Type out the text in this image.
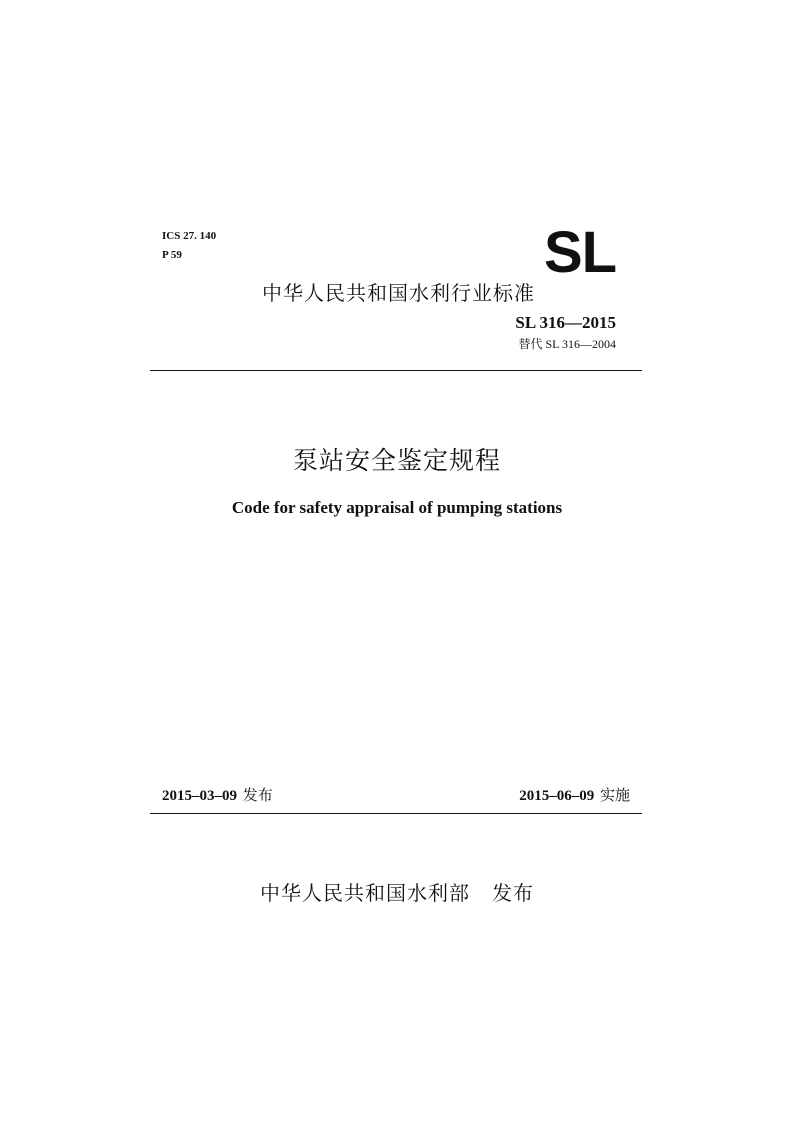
ICS 27. 140
P 59	SL
中华人民共和国水利行业标准
SL 316—2015
替代 SL 316—2004
泵站安全鉴定规程
Code for safety appraisal of pumping stations
2015–03–09 发布	2015–06–09 实施
中华人民共和国水利部 发布
